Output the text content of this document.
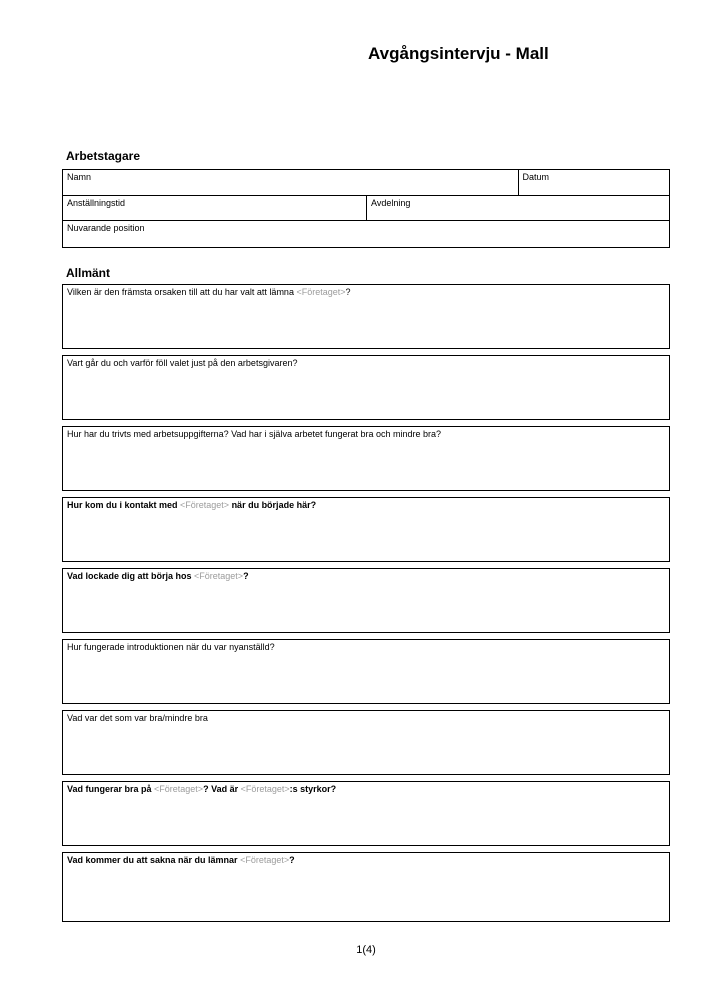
Avgångsintervju - Mall
Arbetstagare
Namn	Datum
Anställningstid	Avdelning
Nuvarande position
Allmänt
Vilken är den främsta orsaken till att du har valt att lämna <Företaget>?
Vart går du och varför föll valet just på den arbetsgivaren?
Hur har du trivts med arbetsuppgifterna? Vad har i själva arbetet fungerat bra och mindre bra?
Hur kom du i kontakt med <Företaget> när du började här?
Vad lockade dig att börja hos <Företaget>?
Hur fungerade introduktionen när du var nyanställd?
Vad var det som var bra/mindre bra
Vad fungerar bra på <Företaget>? Vad är <Företaget>:s styrkor?
Vad kommer du att sakna när du lämnar <Företaget>?
1(4)
